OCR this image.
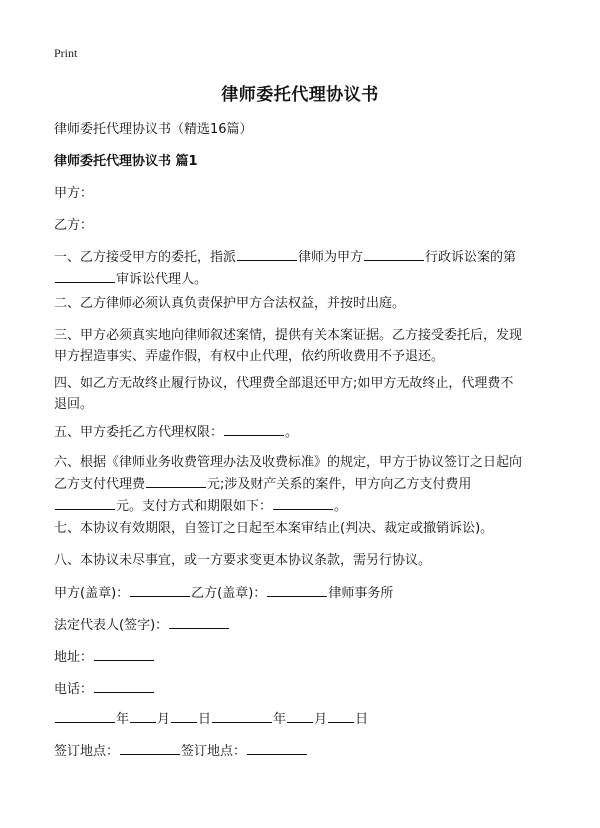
Print
律师委托代理协议书

律师委托代理协议书（精选16篇）

律师委托代理协议书 篇1

甲方：

乙方：

一、乙方接受甲方的委托，指派	律师为甲方	行政诉讼案的第
审诉讼代理人。

二、乙方律师必须认真负责保护甲方合法权益，并按时出庭。

三、甲方必须真实地向律师叙述案情，提供有关本案证据。乙方接受委托后，发现
甲方捏造事实、弄虚作假，有权中止代理，依约所收费用不予退还。
四、如乙方无故终止履行协议，代理费全部退还甲方;如甲方无故终止，代理费不
退回。
五、甲方委托乙方代理权限：	。
六、根据《律师业务收费管理办法及收费标准》的规定，甲方于协议签订之日起向
乙方支付代理费	元;涉及财产关系的案件，甲方向乙方支付费用
元。支付方式和期限如下：	。

七、本协议有效期限，自签订之日起至本案审结止(判决、裁定或撤销诉讼)。

八、本协议未尽事宜，或一方要求变更本协议条款，需另行协议。

甲方(盖章)：	乙方(盖章)：	律师事务所
法定代表人(签字)：
地址：
电话：
年 月 日	年 月 日
签订地点：	签订地点：
